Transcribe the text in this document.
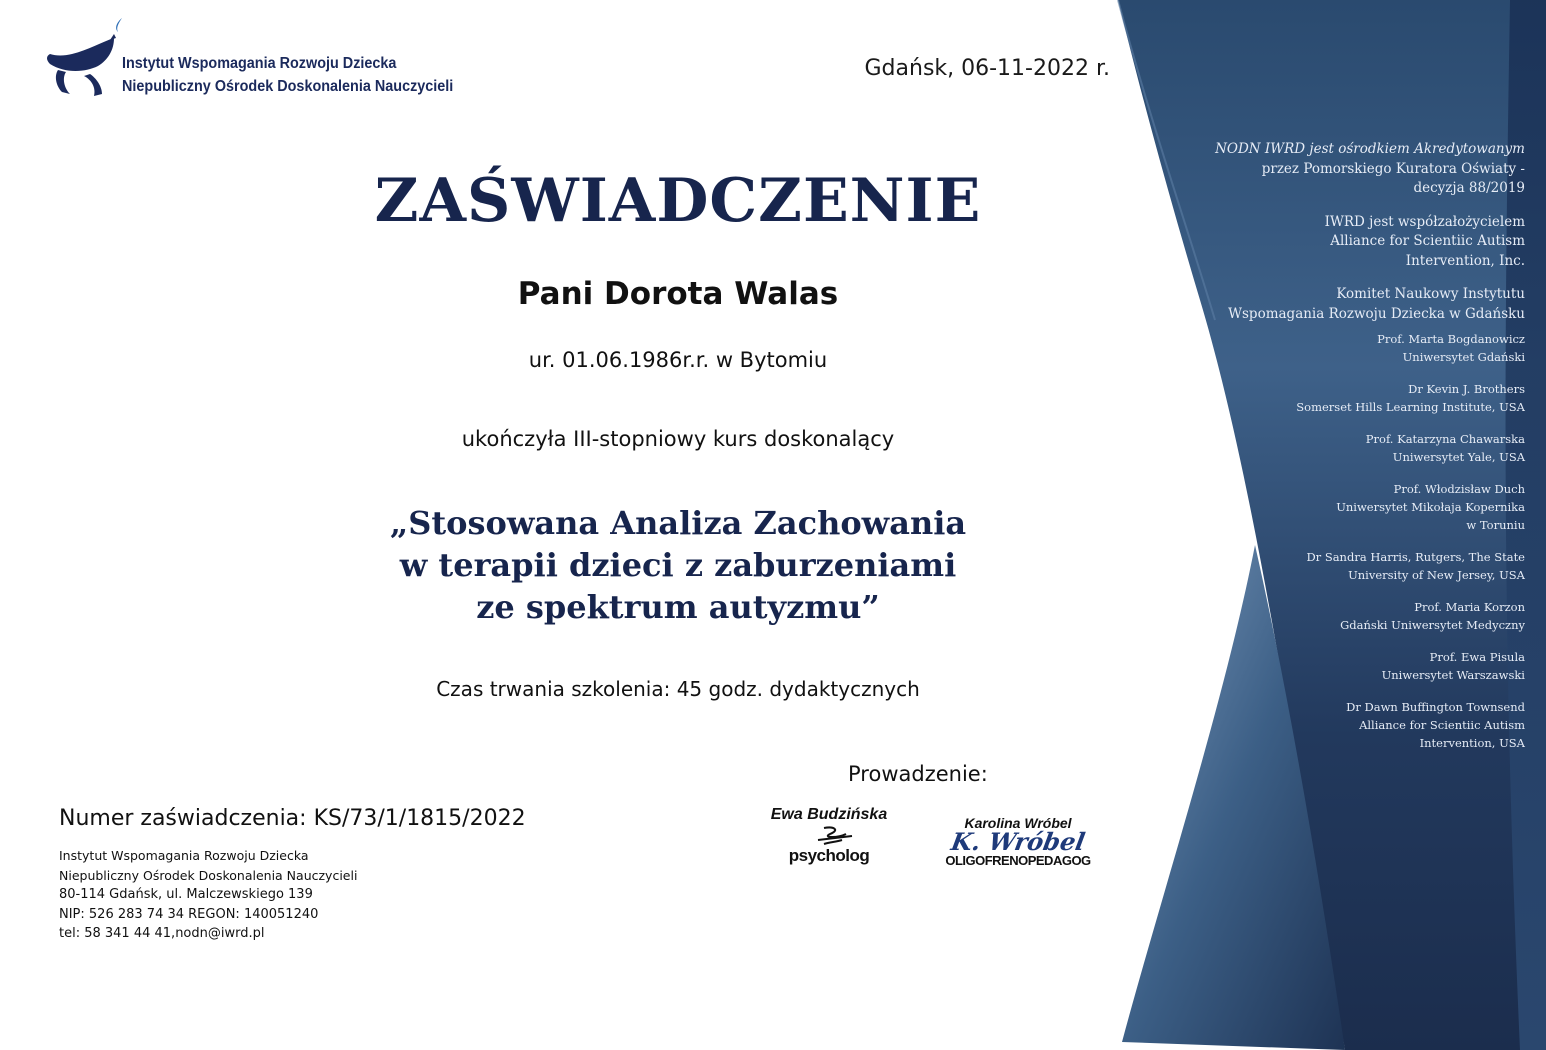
Instytut Wspomagania Rozwoju Dziecka
Niepubliczny Ośrodek Doskonalenia Nauczycieli
Gdańsk, 06-11-2022 r.
ZAŚWIADCZENIE
Pani Dorota Walas
ur. 01.06.1986r.r. w Bytomiu
ukończyła III-stopniowy kurs doskonalący
„Stosowana Analiza Zachowania
w terapii dzieci z zaburzeniami
ze spektrum autyzmu”
Czas trwania szkolenia: 45 godz. dydaktycznych
Prowadzenie:
Ewa Budzińska
psycholog
Karolina Wróbel
K. Wróbel
OLIGOFRENOPEDAGOG
Numer zaświadczenia: KS/73/1/1815/2022
Instytut Wspomagania Rozwoju Dziecka
Niepubliczny Ośrodek Doskonalenia Nauczycieli
80-114 Gdańsk, ul. Malczewskiego 139
NIP: 526 283 74 34 REGON: 140051240
tel: 58 341 44 41,nodn@iwrd.pl
NODN IWRD jest ośrodkiem Akredytowanym
przez Pomorskiego Kuratora Oświaty -
decyzja 88/2019
IWRD jest współzałożycielem
Alliance for Scientiic Autism
Intervention, Inc.
Komitet Naukowy Instytutu
Wspomagania Rozwoju Dziecka w Gdańsku
Prof. Marta Bogdanowicz
Uniwersytet Gdański
Dr Kevin J. Brothers
Somerset Hills Learning Institute, USA
Prof. Katarzyna Chawarska
Uniwersytet Yale, USA
Prof. Włodzisław Duch
Uniwersytet Mikołaja Kopernika
w Toruniu
Dr Sandra Harris, Rutgers, The State
University of New Jersey, USA
Prof. Maria Korzon
Gdański Uniwersytet Medyczny
Prof. Ewa Pisula
Uniwersytet Warszawski
Dr Dawn Buffington Townsend
Alliance for Scientiic Autism
Intervention, USA
